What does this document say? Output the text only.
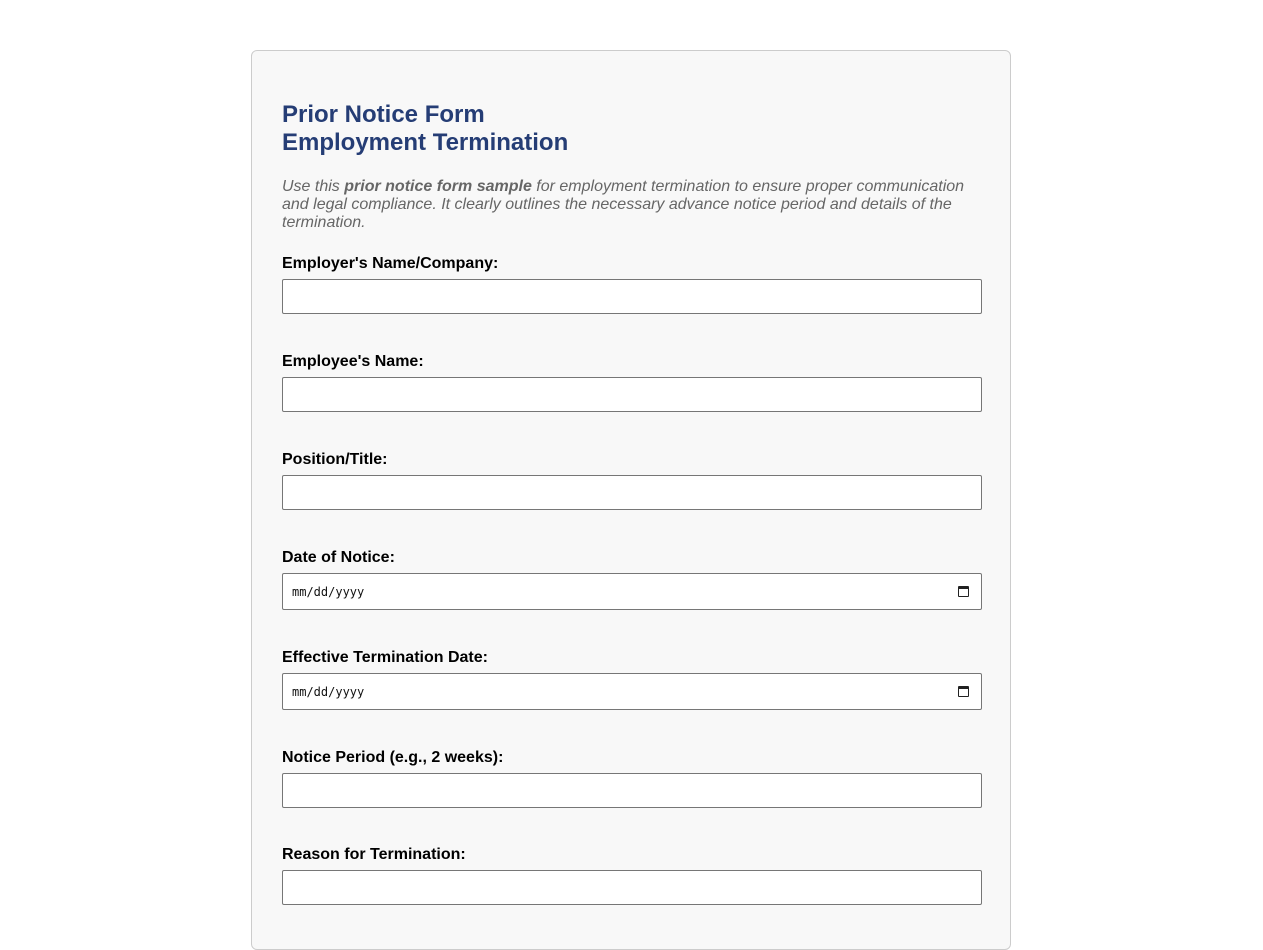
Prior Notice Form
Employment Termination
Use this prior notice form sample for employment termination to ensure proper communication and legal compliance. It clearly outlines the necessary advance notice period and details of the termination.
Employer's Name/Company:
Employee's Name:
Position/Title:
Date of Notice:
mm/dd/yyyy
Effective Termination Date:
mm/dd/yyyy
Notice Period (e.g., 2 weeks):
Reason for Termination:
